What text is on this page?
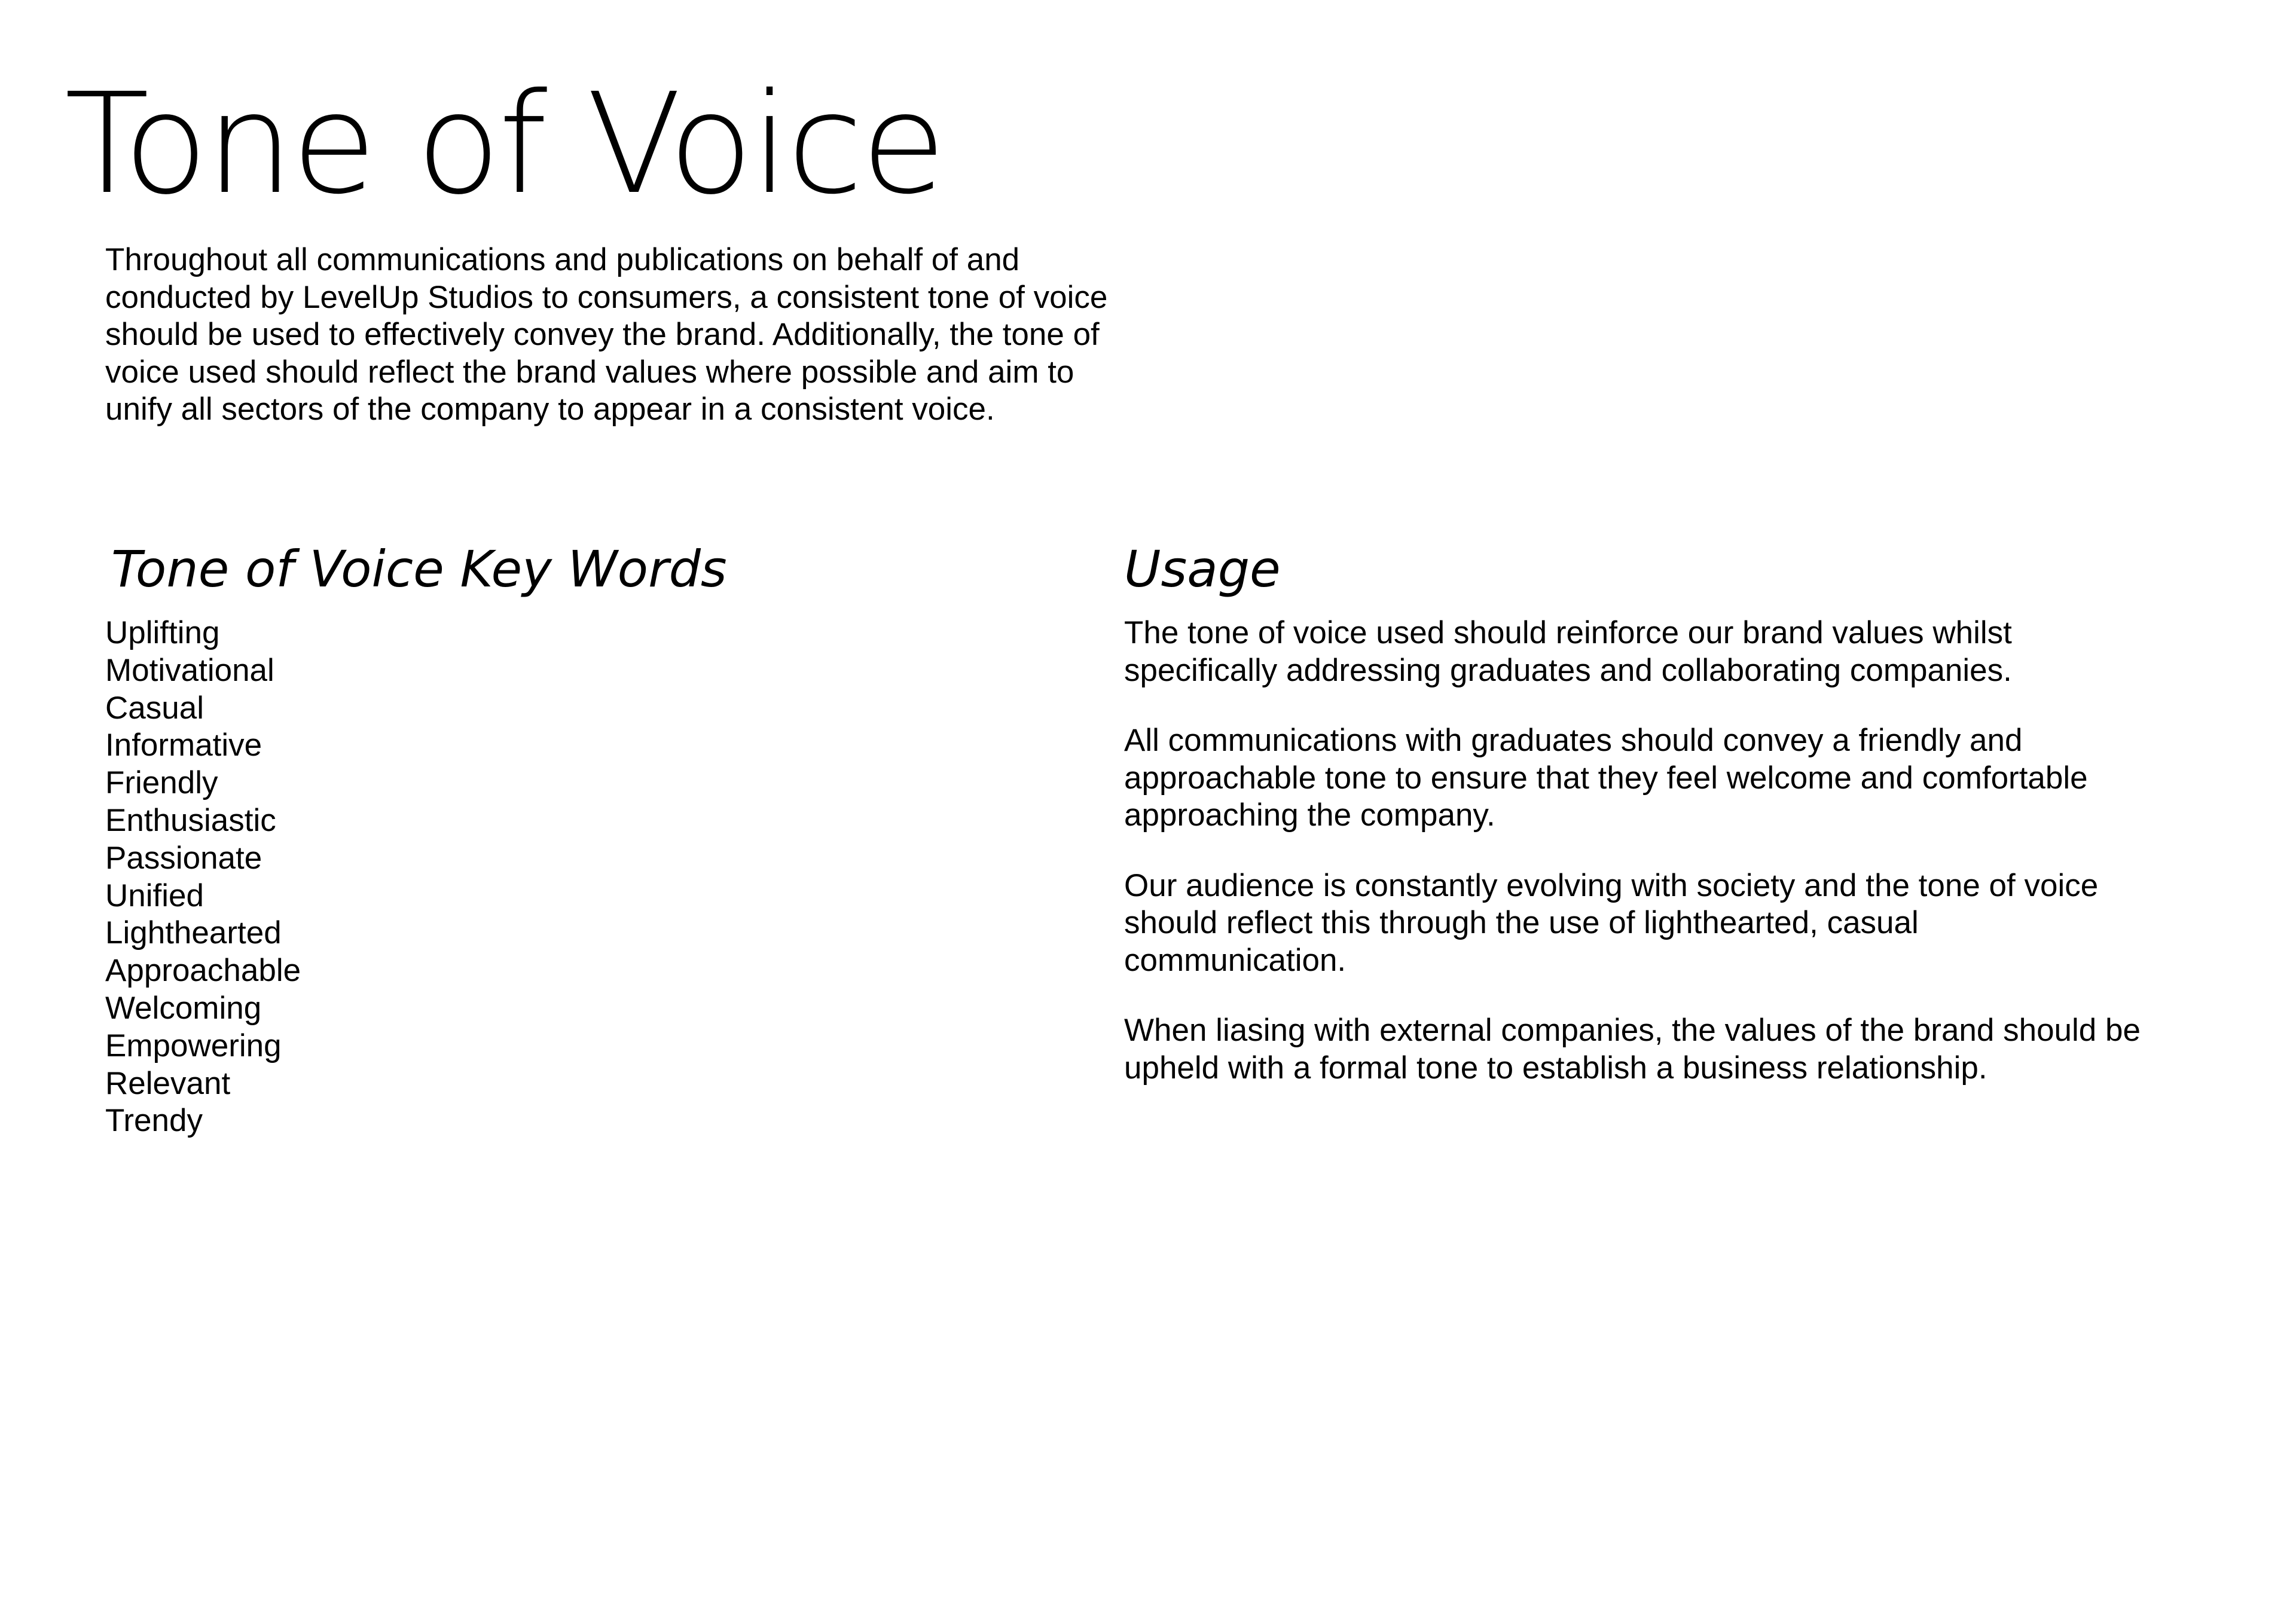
Tone of Voice

Throughout all communications and publications on behalf of and conducted by LevelUp Studios to consumers, a consistent tone of voice should be used to effectively convey the brand. Additionally, the tone of voice used should reflect the brand values where possible and aim to unify all sectors of the company to appear in a consistent voice.

Tone of Voice Key Words
Uplifting
Motivational
Casual
Informative
Friendly
Enthusiastic
Passionate
Unified
Lighthearted
Approachable
Welcoming
Empowering
Relevant
Trendy
Usage

The tone of voice used should reinforce our brand values whilst specifically addressing graduates and collaborating companies.

All communications with graduates should convey a friendly and approachable tone to ensure that they feel welcome and comfortable approaching the company.

Our audience is constantly evolving with society and the tone of voice should reflect this through the use of lighthearted, casual communication.

When liasing with external companies, the values of the brand should be upheld with a formal tone to establish a business relationship.
